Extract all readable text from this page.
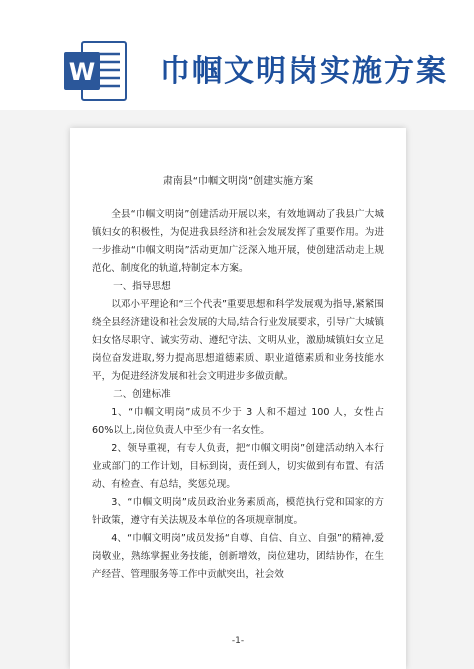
W 巾帼文明岗实施方案
肃南县“巾帼文明岗”创建实施方案

全县“巾帼文明岗”创建活动开展以来，有效地调动了我县广大城镇妇女的积极性，为促进我县经济和社会发展发挥了重要作用。为进一步推动“巾帼文明岗”活动更加广泛深入地开展，使创建活动走上规范化、制度化的轨道,特制定本方案。

一、指导思想

以邓小平理论和“三个代表”重要思想和科学发展观为指导,紧紧围绕全县经济建设和社会发展的大局,结合行业发展要求，引导广大城镇妇女恪尽职守、诚实劳动、遵纪守法、文明从业，激励城镇妇女立足岗位奋发进取,努力提高思想道德素质、职业道德素质和业务技能水平，为促进经济发展和社会文明进步多做贡献。

二、创建标准

1、“巾帼文明岗”成员不少于 3 人和不超过 100 人，女性占 60%以上,岗位负责人中至少有一名女性。

2、领导重视，有专人负责，把“巾帼文明岗”创建活动纳入本行业或部门的工作计划，目标到岗，责任到人，切实做到有布置、有活动、有检查、有总结，奖惩兑现。

3、“巾帼文明岗”成员政治业务素质高，模范执行党和国家的方针政策，遵守有关法规及本单位的各项规章制度。

4、“巾帼文明岗”成员发扬“自尊、自信、自立、自强”的精神,爱岗敬业，熟练掌握业务技能，创新增效，岗位建功，团结协作，在生产经营、管理服务等工作中贡献突出，社会效

-1-
